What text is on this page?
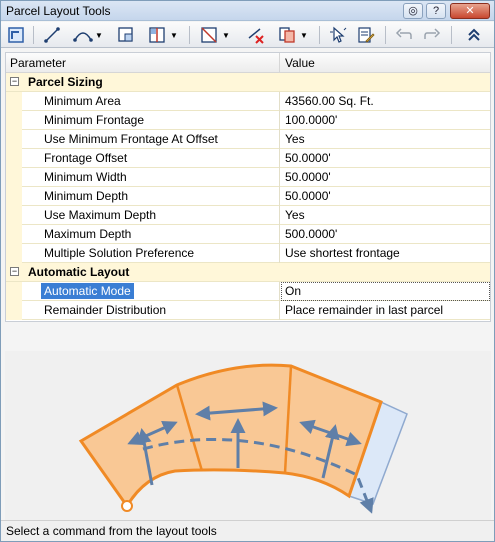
Parcel Layout Tools	◎	?	✕
▼	▼	▼	▼
Parameter	Value
− Parcel Sizing
Minimum Area	43560.00 Sq. Ft.
Minimum Frontage	100.0000'
Use Minimum Frontage At Offset	Yes
Frontage Offset	50.0000'
Minimum Width	50.0000'
Minimum Depth	50.0000'
Use Maximum Depth	Yes
Maximum Depth	500.0000'
Multiple Solution Preference	Use shortest frontage
− Automatic Layout
Automatic Mode	On
Remainder Distribution	Place remainder in last parcel
Select a command from the layout tools
